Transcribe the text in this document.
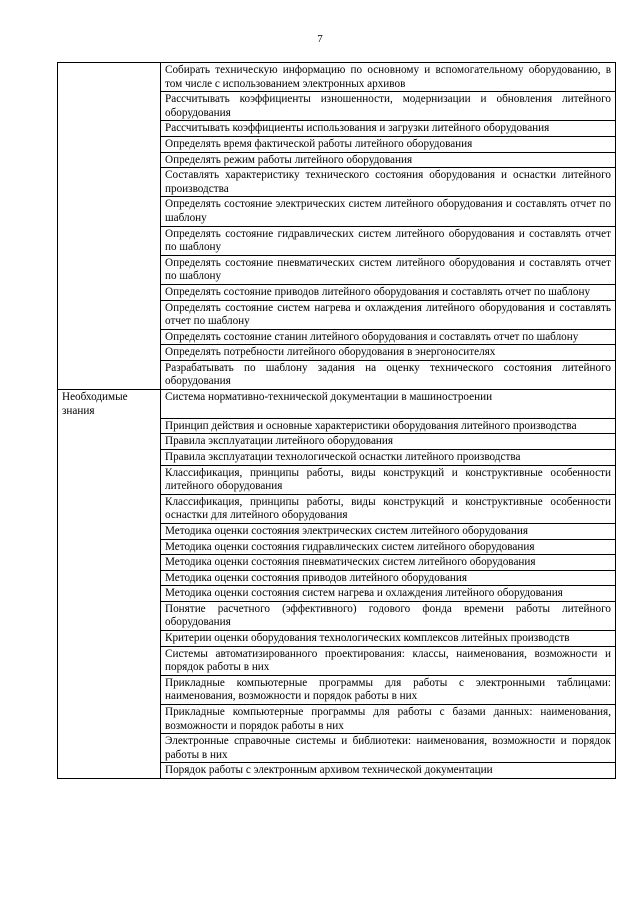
7
	Собирать техническую информацию по основному и вспомогательному оборудованию, в том числе с использованием электронных архивов
	Рассчитывать коэффициенты изношенности, модернизации и обновления литейного оборудования
	Рассчитывать коэффициенты использования и загрузки литейного оборудования
	Определять время фактической работы литейного оборудования
	Определять режим работы литейного оборудования
	Составлять характеристику технического состояния оборудования и оснастки литейного производства
	Определять состояние электрических систем литейного оборудования и составлять отчет по шаблону
	Определять состояние гидравлических систем литейного оборудования и составлять отчет по шаблону
	Определять состояние пневматических систем литейного оборудования и составлять отчет по шаблону
	Определять состояние приводов литейного оборудования и составлять отчет по шаблону
	Определять состояние систем нагрева и охлаждения литейного оборудования и составлять отчет по шаблону
	Определять состояние станин литейного оборудования и составлять отчет по шаблону
	Определять потребности литейного оборудования в энергоносителях
	Разрабатывать по шаблону задания на оценку технического состояния литейного оборудования
Необходимые знания	Система нормативно-технической документации в машиностроении
	Принцип действия и основные характеристики оборудования литейного производства
	Правила эксплуатации литейного оборудования
	Правила эксплуатации технологической оснастки литейного производства
	Классификация, принципы работы, виды конструкций и конструктивные особенности литейного оборудования
	Классификация, принципы работы, виды конструкций и конструктивные особенности оснастки для литейного оборудования
	Методика оценки состояния электрических систем литейного оборудования
	Методика оценки состояния гидравлических систем литейного оборудования
	Методика оценки состояния пневматических систем литейного оборудования
	Методика оценки состояния приводов литейного оборудования
	Методика оценки состояния систем нагрева и охлаждения литейного оборудования
	Понятие расчетного (эффективного) годового фонда времени работы литейного оборудования
	Критерии оценки оборудования технологических комплексов литейных производств
	Системы автоматизированного проектирования: классы, наименования, возможности и порядок работы в них
	Прикладные компьютерные программы для работы с электронными таблицами: наименования, возможности и порядок работы в них
	Прикладные компьютерные программы для работы с базами данных: наименования, возможности и порядок работы в них
	Электронные справочные системы и библиотеки: наименования, возможности и порядок работы в них
	Порядок работы с электронным архивом технической документации
